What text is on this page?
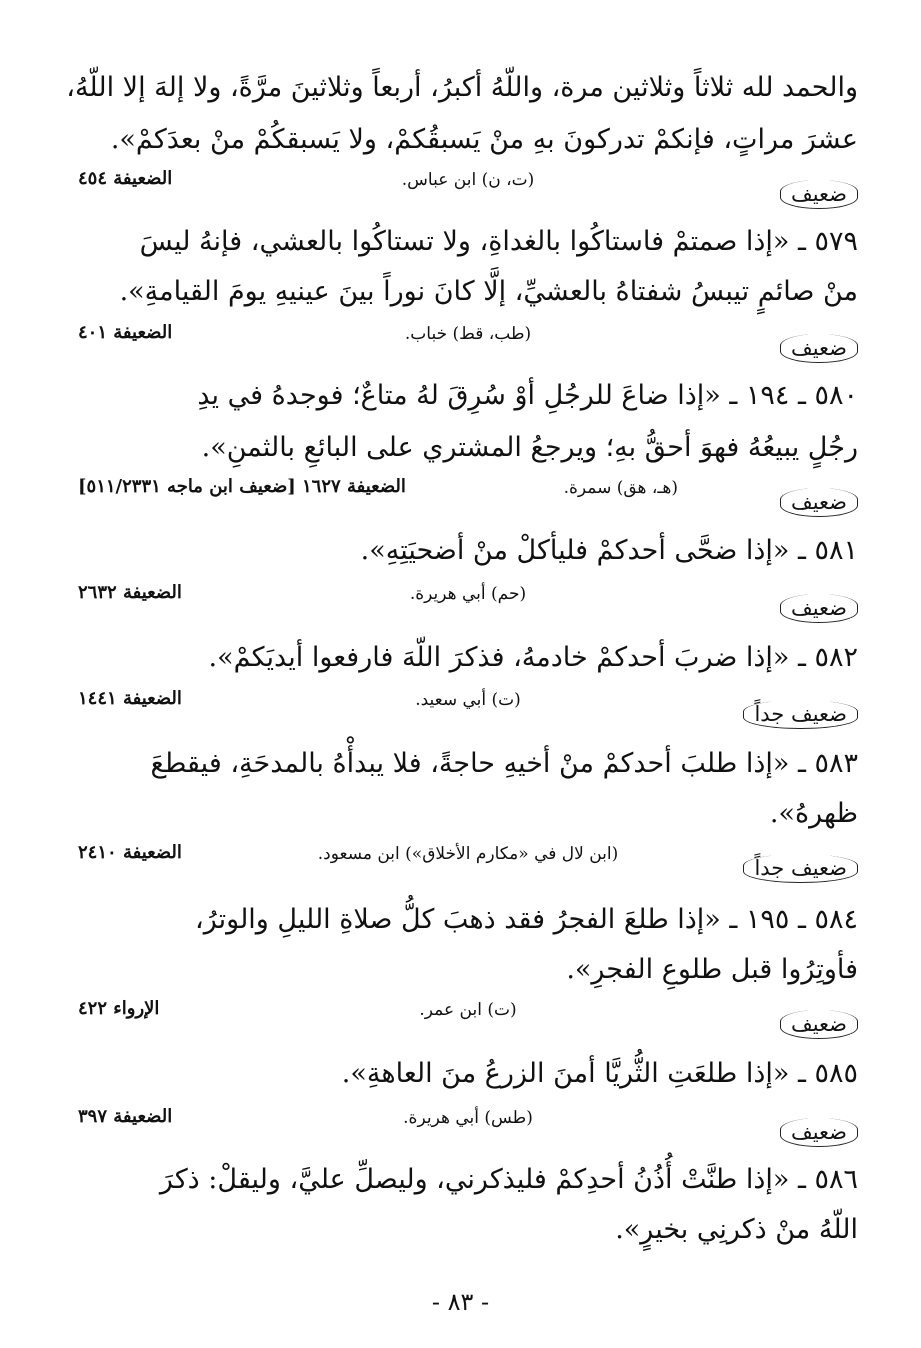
والحمد لله ثلاثاً وثلاثين مرة، واللّهُ أكبرُ، أربعاً وثلاثينَ مرَّةً، ولا إلهَ إلا اللّهُ،
عشرَ مراتٍ، فإنكمْ تدركونَ بهِ منْ يَسبقُكمْ، ولا يَسبقكُمْ منْ بعدَكمْ».
ضعيف
(ت، ن) ابن عباس.
الضعيفة ٤٥٤
٥٧٩ ـ «إذا صمتمْ فاستاكُوا بالغداةِ، ولا تستاكُوا بالعشي، فإنهُ ليسَ
منْ صائمٍ تيبسُ شفتاهُ بالعشيِّ، إلَّا كانَ نوراً بينَ عينيهِ يومَ القيامةِ».
ضعيف
(طب، قط) خباب.
الضعيفة ٤٠١
٥٨٠ ـ ١٩٤ ـ «إذا ضاعَ للرجُلِ أوْ سُرِقَ لهُ متاعٌ؛ فوجدهُ في يدِ
رجُلٍ يبيعُهُ فهوَ أحقُّ بهِ؛ ويرجعُ المشتري على البائعِ بالثمنِ».
ضعيف
(هـ، هق) سمرة.
الضعيفة ١٦٢٧ [ضعيف ابن ماجه ٥١١/٢٣٣١]
٥٨١ ـ «إذا ضحَّى أحدكمْ فليأكلْ منْ أضحيَتِهِ».
ضعيف
(حم) أبي هريرة.
الضعيفة ٢٦٣٢
٥٨٢ ـ «إذا ضربَ أحدكمْ خادمهُ، فذكرَ اللّهَ فارفعوا أيديَكمْ».
ضعيف جداً
(ت) أبي سعيد.
الضعيفة ١٤٤١
٥٨٣ ـ «إذا طلبَ أحدكمْ منْ أخيهِ حاجةً، فلا يبدأْهُ بالمدحَةِ، فيقطعَ
ظهرهُ».
ضعيف جداً
(ابن لال في «مكارم الأخلاق») ابن مسعود.
الضعيفة ٢٤١٠
٥٨٤ ـ ١٩٥ ـ «إذا طلعَ الفجرُ فقد ذهبَ كلُّ صلاةِ الليلِ والوترُ،
فأوتِرُوا قبل طلوعِ الفجرِ».
ضعيف
(ت) ابن عمر.
الإرواء ٤٢٢
٥٨٥ ـ «إذا طلعَتِ الثُّريَّا أمنَ الزرعُ منَ العاهةِ».
ضعيف
(طس) أبي هريرة.
الضعيفة ٣٩٧
٥٨٦ ـ «إذا طنَّتْ أُذُنُ أحدِكمْ فليذكرني، وليصلِّ عليَّ، وليقلْ: ذكرَ
اللّهُ منْ ذكرنِي بخيرٍ».
- ٨٣ -
